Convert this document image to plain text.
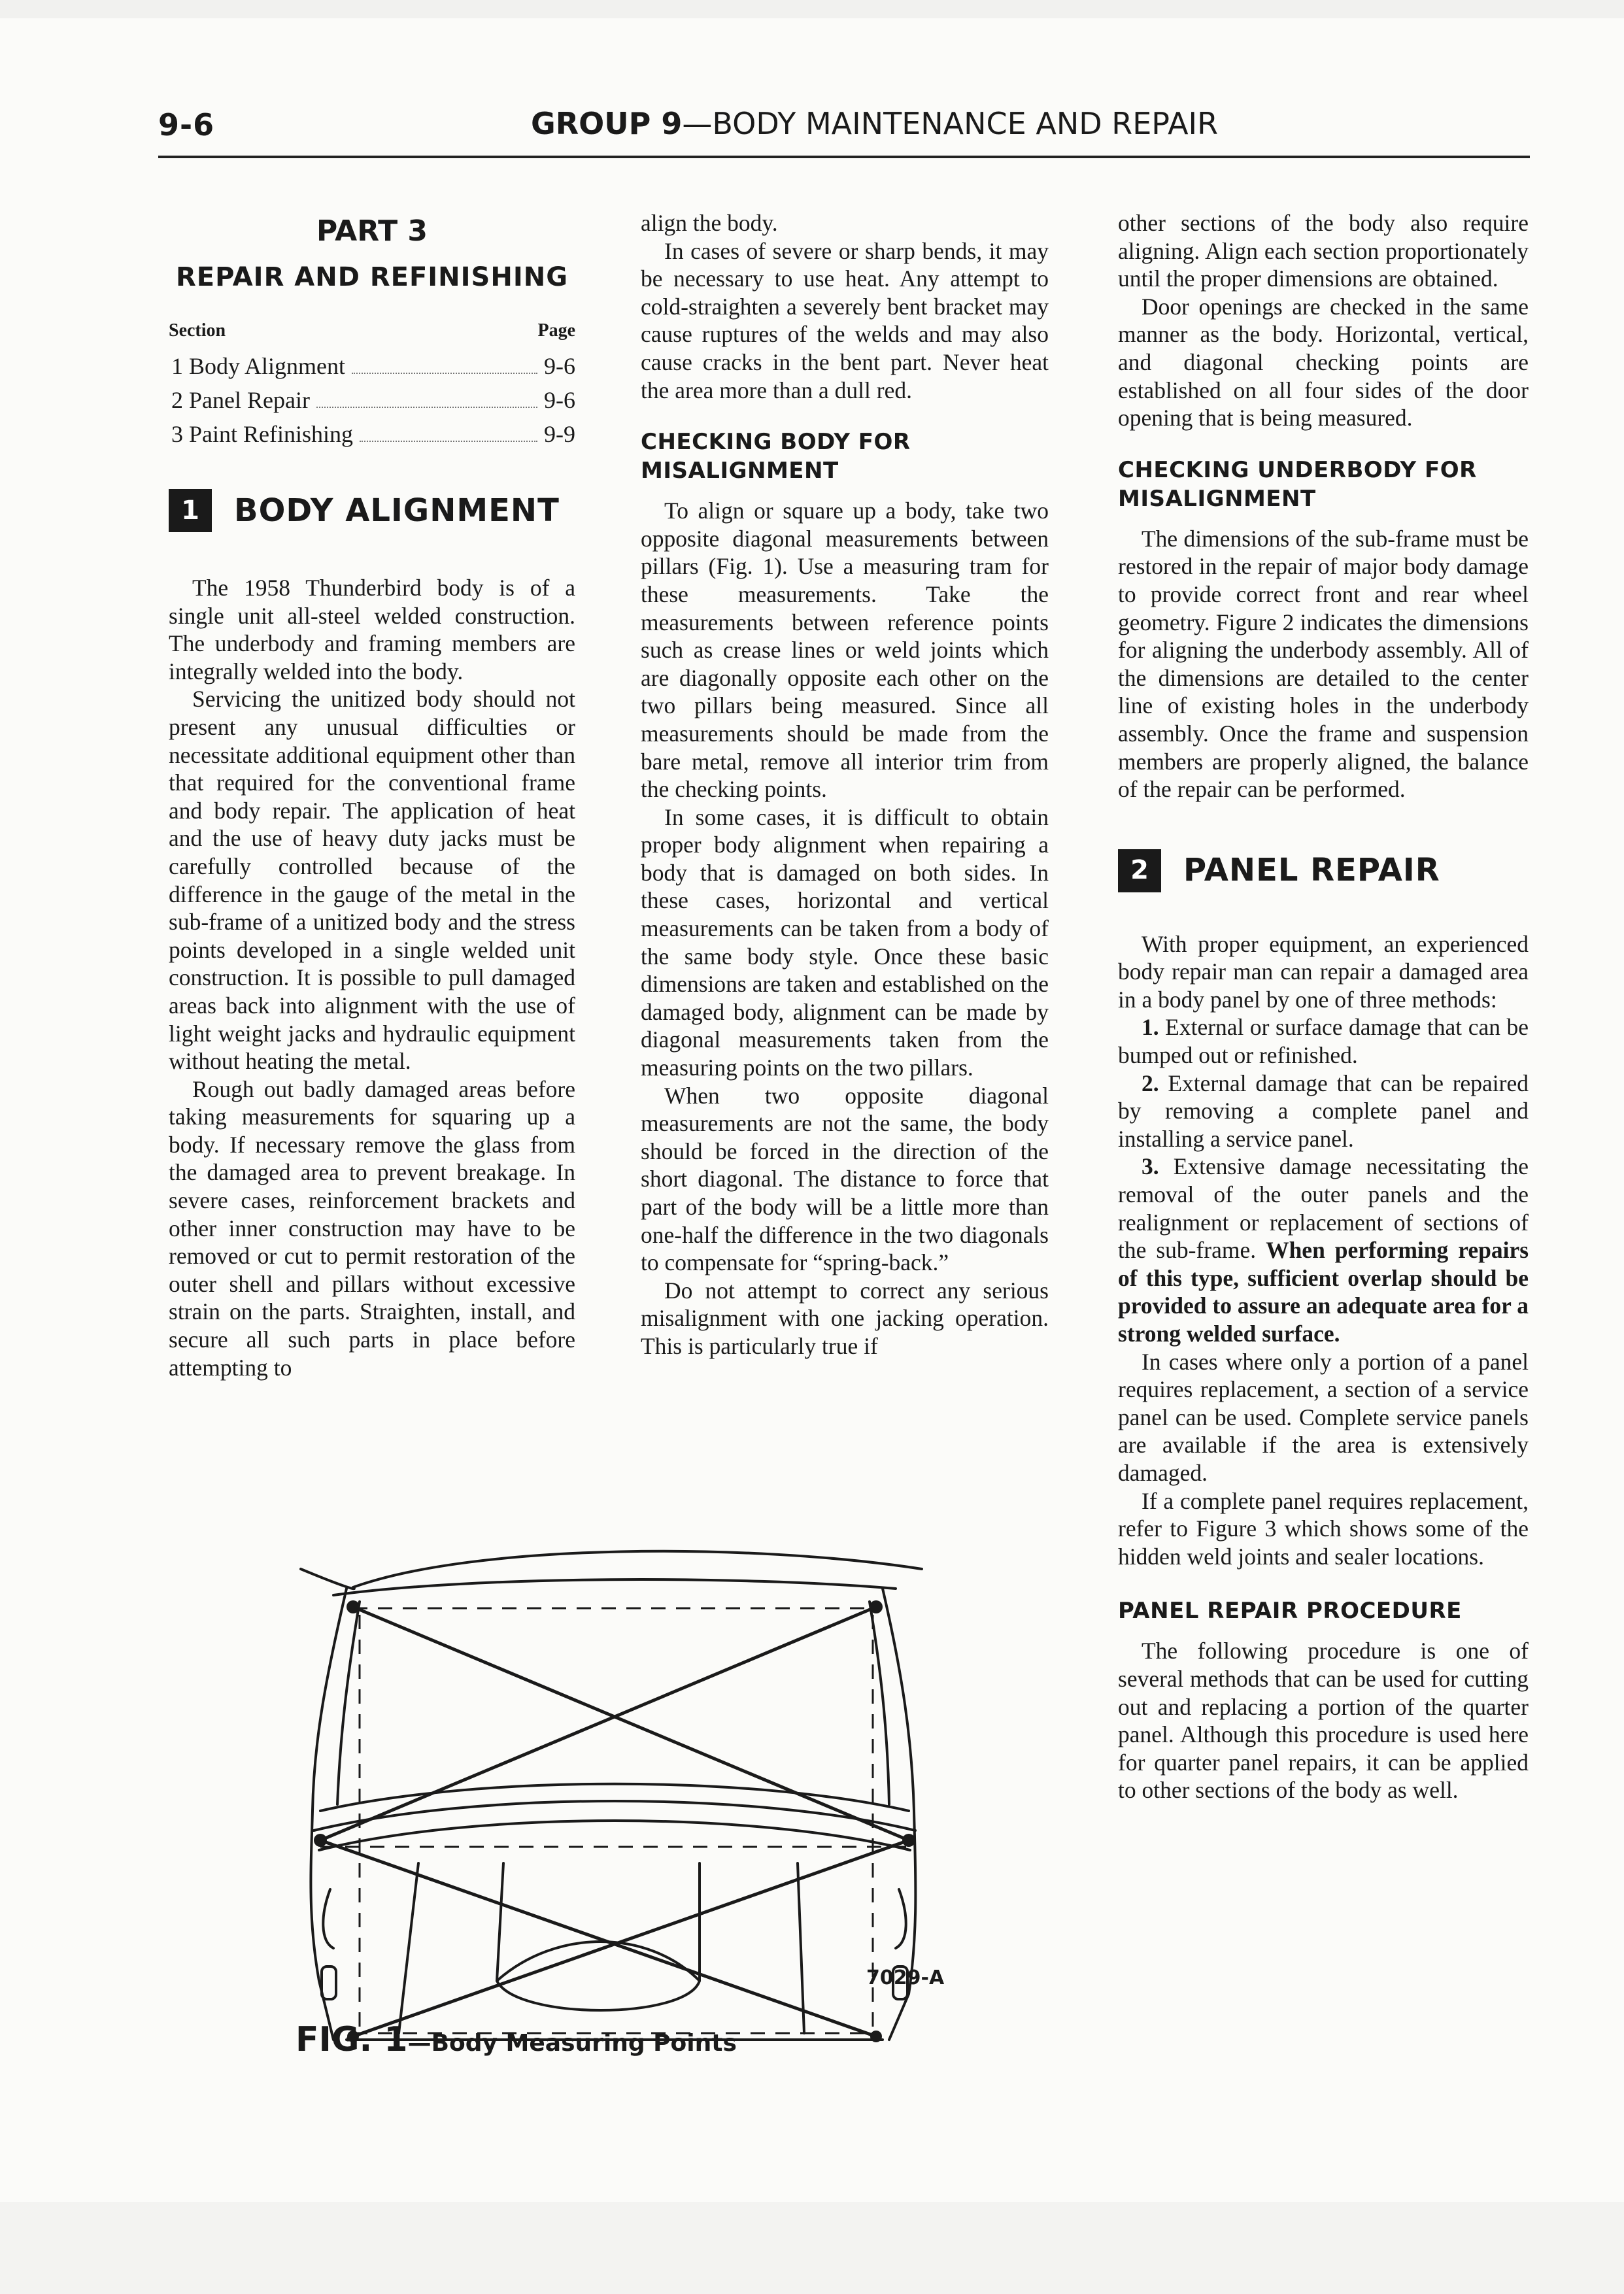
9-6	GROUP 9—BODY MAINTENANCE AND REPAIR
PART 3
REPAIR AND REFINISHING
Section	Page
1 Body Alignment	9-6
2 Panel Repair	9-6
3 Paint Refinishing	9-9
1	BODY ALIGNMENT

The 1958 Thunderbird body is of a single unit all-steel welded construction. The underbody and framing members are integrally welded into the body.

Servicing the unitized body should not present any unusual difficulties or necessitate additional equipment other than that required for the conventional frame and body repair. The application of heat and the use of heavy duty jacks must be carefully controlled because of the difference in the gauge of the metal in the sub-frame of a unitized body and the stress points developed in a single welded unit construction. It is possible to pull damaged areas back into alignment with the use of light weight jacks and hydraulic equipment without heating the metal.

Rough out badly damaged areas before taking measurements for squaring up a body. If necessary remove the glass from the damaged area to prevent breakage. In severe cases, reinforcement brackets and other inner construction may have to be removed or cut to permit restoration of the outer shell and pillars without excessive strain on the parts. Straighten, install, and secure all such parts in place before attempting to

align the body.

In cases of severe or sharp bends, it may be necessary to use heat. Any attempt to cold-straighten a severely bent bracket may cause ruptures of the welds and may also cause cracks in the bent part. Never heat the area more than a dull red.

CHECKING BODY FOR MISALIGNMENT

To align or square up a body, take two opposite diagonal measurements between pillars (Fig. 1). Use a measuring tram for these measurements. Take the measurements between reference points such as crease lines or weld joints which are diagonally opposite each other on the two pillars being measured. Since all measurements should be made from the bare metal, remove all interior trim from the checking points.

In some cases, it is difficult to obtain proper body alignment when repairing a body that is damaged on both sides. In these cases, horizontal and vertical measurements can be taken from a body of the same body style. Once these basic dimensions are taken and established on the damaged body, alignment can be made by diagonal measurements taken from the measuring points on the two pillars.

When two opposite diagonal measurements are not the same, the body should be forced in the direction of the short diagonal. The distance to force that part of the body will be a little more than one-half the difference in the two diagonals to compensate for “spring-back.”

Do not attempt to correct any serious misalignment with one jacking operation. This is particularly true if

other sections of the body also require aligning. Align each section proportionately until the proper dimensions are obtained.

Door openings are checked in the same manner as the body. Horizontal, vertical, and diagonal checking points are established on all four sides of the door opening that is being measured.

CHECKING UNDERBODY FOR MISALIGNMENT

The dimensions of the sub-frame must be restored in the repair of major body damage to provide correct front and rear wheel geometry. Figure 2 indicates the dimensions for aligning the underbody assembly. All of the dimensions are detailed to the center line of existing holes in the underbody assembly. Once the frame and suspension members are properly aligned, the balance of the repair can be performed.

2	PANEL REPAIR

With proper equipment, an experienced body repair man can repair a damaged area in a body panel by one of three methods:

1. External or surface damage that can be bumped out or refinished.

2. External damage that can be repaired by removing a complete panel and installing a service panel.

3. Extensive damage necessitating the removal of the outer panels and the realignment or replacement of sections of the sub-frame. When performing repairs of this type, sufficient overlap should be provided to assure an adequate area for a strong welded surface.

In cases where only a portion of a panel requires replacement, a section of a service panel can be used. Complete service panels are available if the area is extensively damaged.

If a complete panel requires replacement, refer to Figure 3 which shows some of the hidden weld joints and sealer locations.

PANEL REPAIR PROCEDURE

The following procedure is one of several methods that can be used for cutting out and replacing a portion of the quarter panel. Although this procedure is used here for quarter panel repairs, it can be applied to other sections of the body as well.

7029-A
FIG. 1—Body Measuring Points
